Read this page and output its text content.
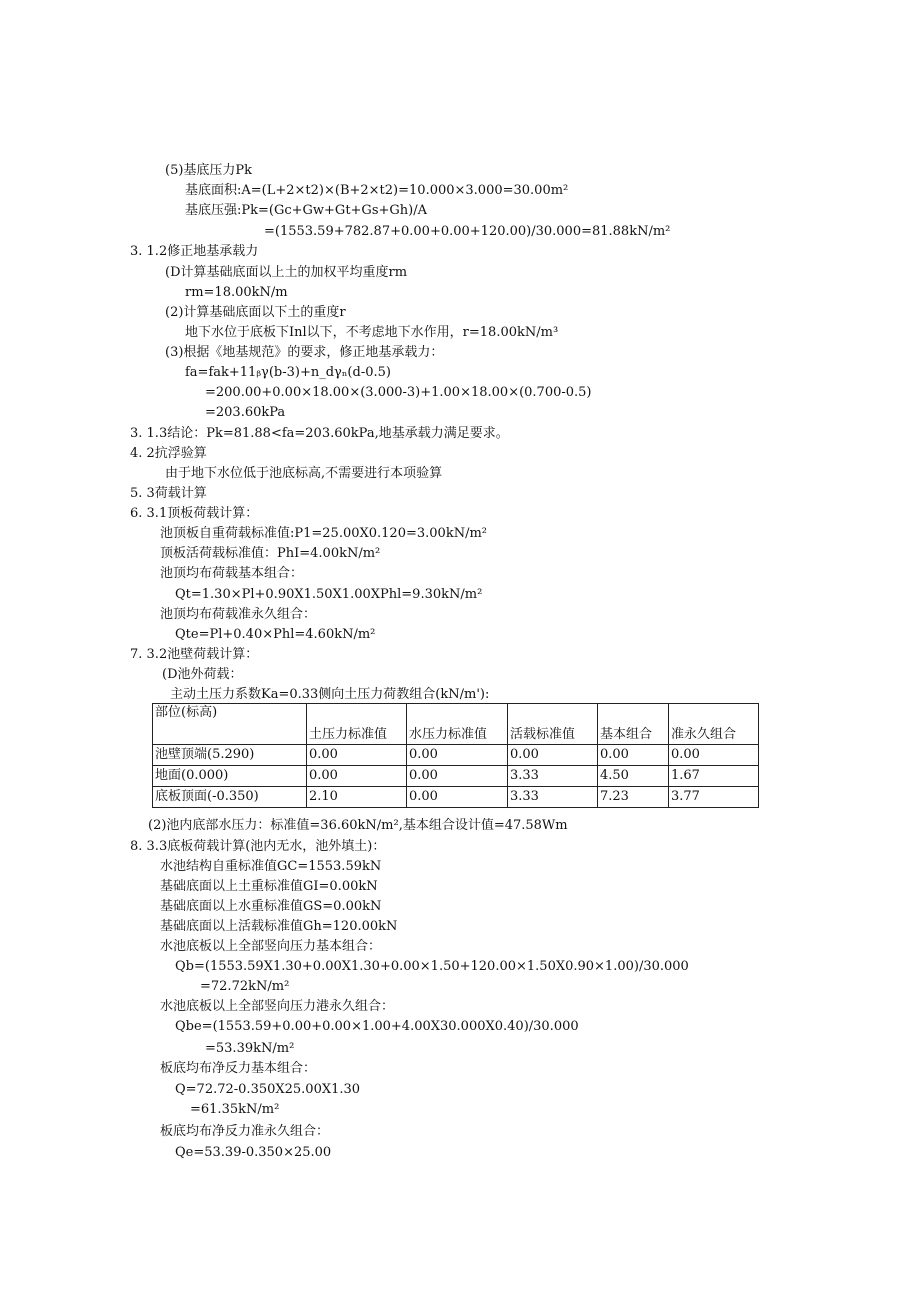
(5)基底压力Pk
基底面积:A=(L+2×t2)×(B+2×t2)=10.000×3.000=30.00m²
基底压强:Pk=(Gc+Gw+Gt+Gs+Gh)/A
=(1553.59+782.87+0.00+0.00+120.00)/30.000=81.88kN/m²
3. 1.2修正地基承载力
(D计算基础底面以上土的加权平均重度rm
rm=18.00kN/m
(2)计算基础底面以下土的重度r
地下水位于底板下Inl以下，不考虑地下水作用，r=18.00kN/m³
(3)根据《地基规范》的要求，修正地基承载力：
fa=fak+11ᵦγ(b-3)+n_dγₙ(d-0.5)
=200.00+0.00×18.00×(3.000-3)+1.00×18.00×(0.700-0.5)
=203.60kPa
3. 1.3结论：Pk=81.88<fa=203.60kPa,地基承载力满足要求。
4. 2抗浮验算
由于地下水位低于池底标高,不需要进行本项验算
5. 3荷载计算
6. 3.1顶板荷载计算：
池顶板自重荷载标准值:P1=25.00X0.120=3.00kN/m²
顶板活荷载标准值：PhI=4.00kN/m²
池顶均布荷载基本组合：
Qt=1.30×Pl+0.90X1.50X1.00XPhl=9.30kN/m²
池顶均布荷载准永久组合：
Qte=Pl+0.40×Phl=4.60kN/m²
7. 3.2池壁荷载计算：
(D池外荷载：
主动土压力系数Ka=0.33侧向土压力荷教组合(kN/m'):
部位(标高)	土压力标准值	水压力标准值	活载标准值	基本组合	准永久组合
池壁顶端(5.290)	0.00	0.00	0.00	0.00	0.00
地面(0.000)	0.00	0.00	3.33	4.50	1.67
底板顶面(-0.350)	2.10	0.00	3.33	7.23	3.77
(2)池内底部水压力：标准值=36.60kN/m²,基本组合设计值=47.58Wm
8. 3.3底板荷载计算(池内无水，池外填土)：
水池结构自重标准值GC=1553.59kN
基础底面以上土重标准值GI=0.00kN
基础底面以上水重标准值GS=0.00kN
基础底面以上活载标准值Gh=120.00kN
水池底板以上全部竖向压力基本组合：
Qb=(1553.59X1.30+0.00X1.30+0.00×1.50+120.00×1.50X0.90×1.00)/30.000
=72.72kN/m²
水池底板以上全部竖向压力港永久组合：
Qbe=(1553.59+0.00+0.00×1.00+4.00X30.000X0.40)/30.000
=53.39kN/m²
板底均布净反力基本组合：
Q=72.72-0.350X25.00X1.30
=61.35kN/m²
板底均布净反力准永久组合：
Qe=53.39-0.350×25.00
